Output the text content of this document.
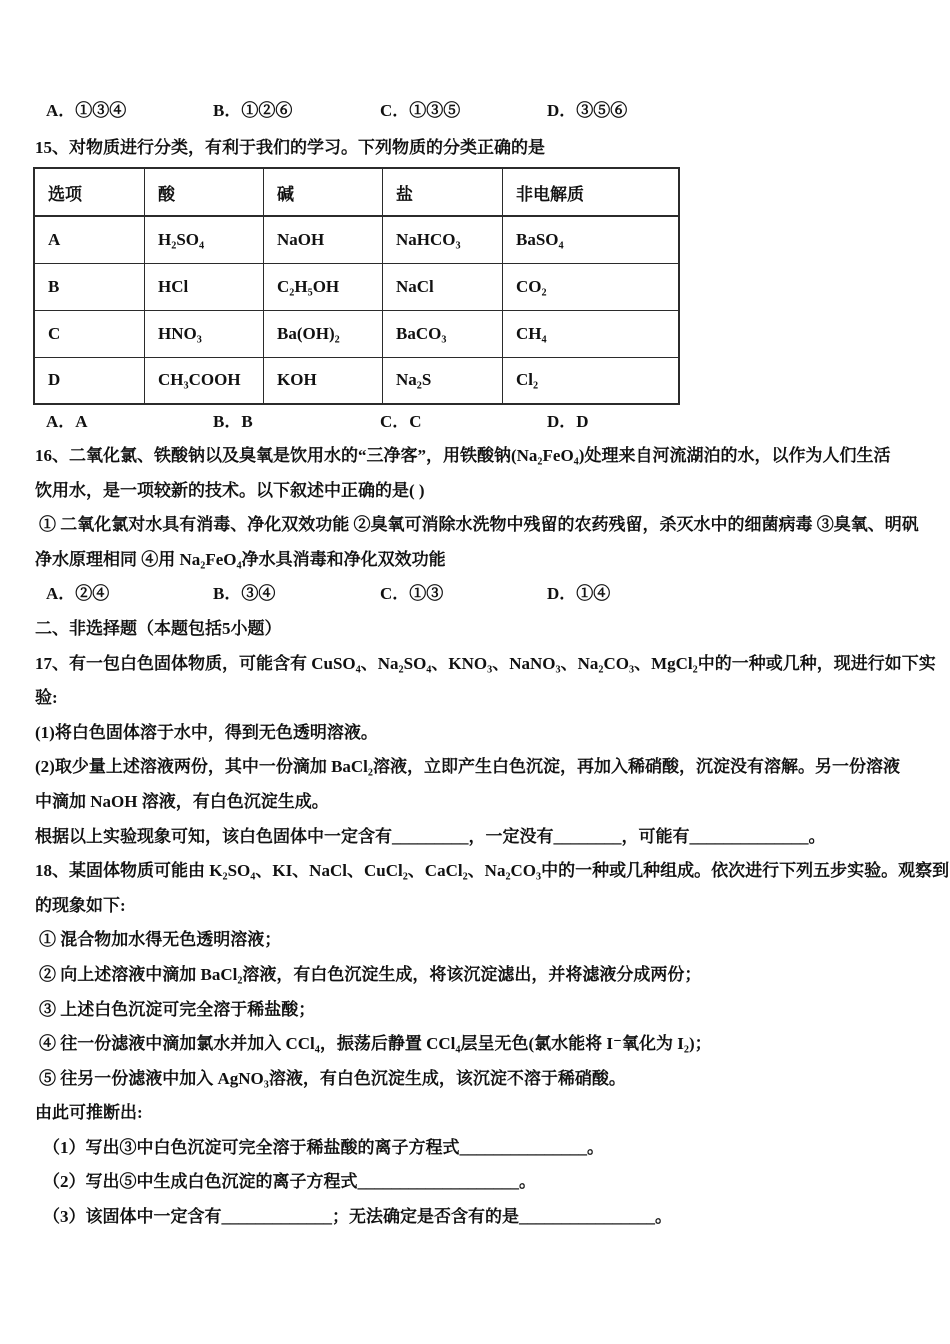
A．①③④	B．①②⑥	C．①③⑤	D．③⑤⑥
15、对物质进行分类，有利于我们的学习。下列物质的分类正确的是
选项	酸	碱	盐	非电解质
A	H₂SO₄	NaOH	NaHCO₃	BaSO₄
B	HCl	C₂H₅OH	NaCl	CO₂
C	HNO₃	Ba(OH)₂	BaCO₃	CH₄
D	CH₃COOH	KOH	Na₂S	Cl₂
A．A	B．B	C．C	D．D
16、二氧化氯、铁酸钠以及臭氧是饮用水的“三净客”，用铁酸钠(Na₂FeO₄)处理来自河流湖泊的水，以作为人们生活
饮用水，是一项较新的技术。以下叙述中正确的是( )
① 二氧化氯对水具有消毒、净化双效功能 ②臭氧可消除水洗物中残留的农药残留，杀灭水中的细菌病毒 ③臭氧、明矾
净水原理相同 ④用 Na₂FeO₄净水具消毒和净化双效功能
A．②④	B．③④	C．①③	D．①④
二、非选择题（本题包括5小题）
17、有一包白色固体物质，可能含有 CuSO₄、Na₂SO₄、KNO₃、NaNO₃、Na₂CO₃、MgCl₂中的一种或几种，现进行如下实
验:
(1)将白色固体溶于水中，得到无色透明溶液。
(2)取少量上述溶液两份，其中一份滴加 BaCl₂溶液，立即产生白色沉淀，再加入稀硝酸，沉淀没有溶解。另一份溶液
中滴加 NaOH 溶液，有白色沉淀生成。
根据以上实验现象可知，该白色固体中一定含有_________，一定没有________，可能有______________。
18、某固体物质可能由 K₂SO₄、KI、NaCl、CuCl₂、CaCl₂、Na₂CO₃中的一种或几种组成。依次进行下列五步实验。观察到
的现象如下:
① 混合物加水得无色透明溶液；
② 向上述溶液中滴加 BaCl₂溶液，有白色沉淀生成，将该沉淀滤出，并将滤液分成两份；
③ 上述白色沉淀可完全溶于稀盐酸；
④ 往一份滤液中滴加氯水并加入 CCl₄，振荡后静置 CCl₄层呈无色(氯水能将 I⁻氧化为 I₂)；
⑤ 往另一份滤液中加入 AgNO₃溶液，有白色沉淀生成，该沉淀不溶于稀硝酸。
由此可推断出:
（1）写出③中白色沉淀可完全溶于稀盐酸的离子方程式_______________。
（2）写出⑤中生成白色沉淀的离子方程式___________________。
（3）该固体中一定含有_____________；无法确定是否含有的是________________。
